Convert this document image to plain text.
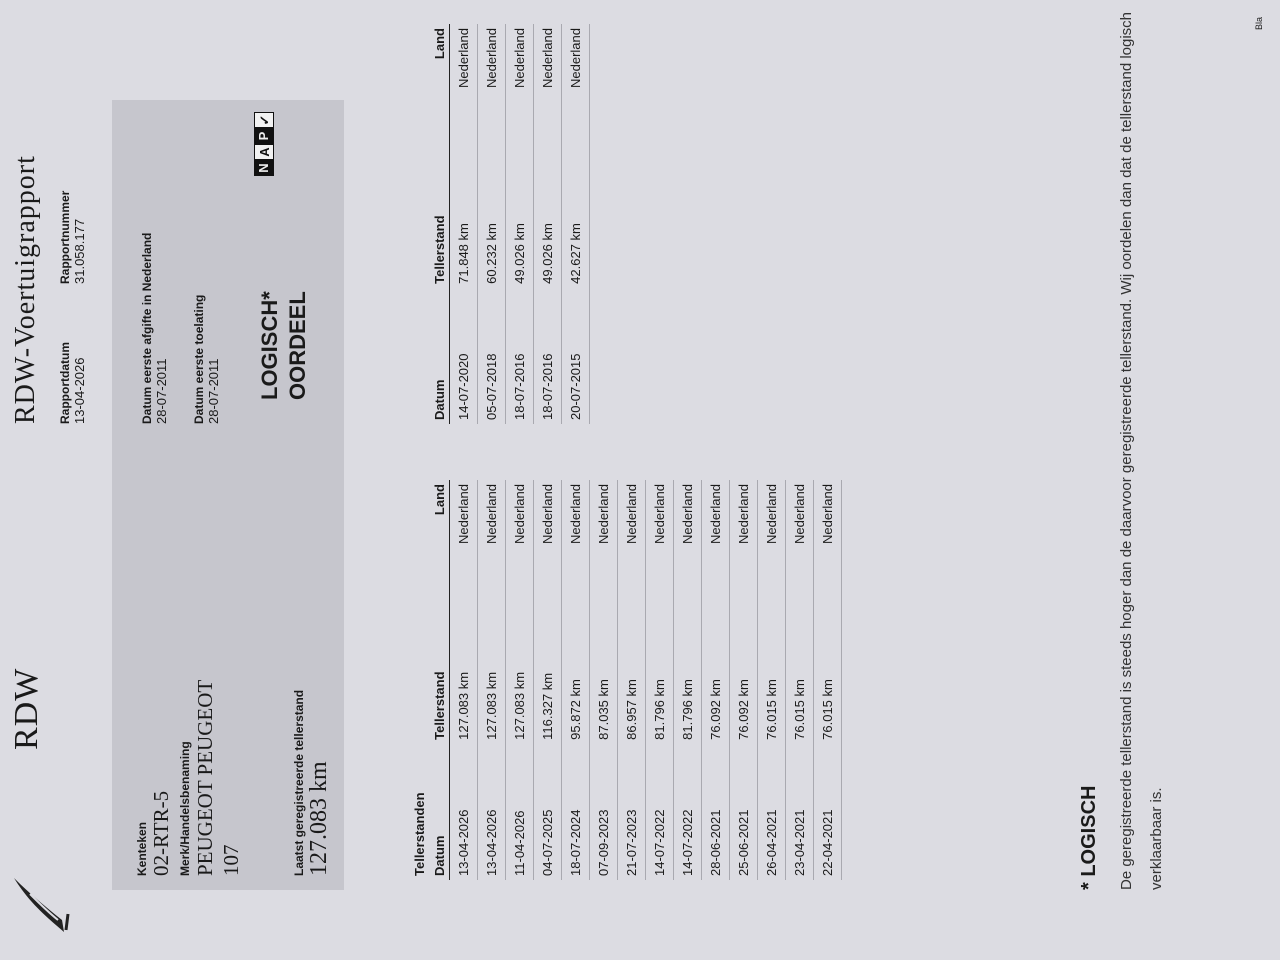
RDW
RDW-Voertuigrapport Rapportdatum 13-04-2026
Rapportnummer 31.058.177
Kenteken 02-RTR-5 Merk/Handelsbenaming PEUGEOT PEUGEOT 107	Laatst geregistreerde tellerstand 127.083 km
Datum eerste afgifte in Nederland 28-07-2011 Datum eerste toelating 28-07-2011 LOGISCH* OORDEEL
N
A
P
✓
Tellerstanden Datum	Tellerstand	Land
13-04-2026	127.083 km	Nederland
13-04-2026	127.083 km	Nederland
11-04-2026	127.083 km	Nederland
04-07-2025	116.327 km	Nederland
18-07-2024	95.872 km	Nederland
07-09-2023	87.035 km	Nederland
21-07-2023	86.957 km	Nederland
14-07-2022	81.796 km	Nederland
14-07-2022	81.796 km	Nederland
28-06-2021	76.092 km	Nederland
25-06-2021	76.092 km	Nederland
26-04-2021	76.015 km	Nederland
23-04-2021	76.015 km	Nederland
22-04-2021	76.015 km	Nederland
Datum	Tellerstand	Land
14-07-2020	71.848 km	Nederland
05-07-2018	60.232 km	Nederland
18-07-2016	49.026 km	Nederland
18-07-2016	49.026 km	Nederland
20-07-2015	42.627 km	Nederland
* LOGISCH	De geregistreerde tellerstand is steeds hoger dan de daarvoor geregistreerde tellerstand. Wij oordelen dan dat de tellerstand logisch verklaarbaar is.
Bla
